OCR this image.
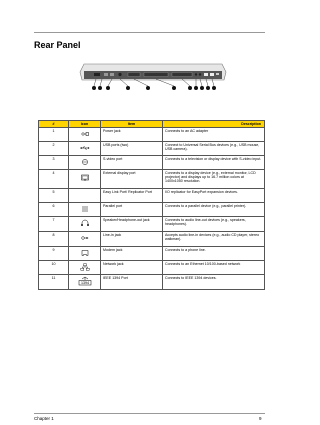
Rear Panel
#	Icon	Item	Description
1		Power jack	Connects to an AC adapter
2		USB ports (two)	Connect to Universal Serial Bus devices (e.g., USB mouse, USB camera).
3		S-video port	Connects to a television or display device with S-video input.
4		External display port	Connects to a display device (e.g., external monitor, LCD projector) and displays up to 16.7 million colors at 1400x1050 resolution.
5		Easy Link Port/ Replicator Port	I/O replicator for EasyPort expansion devices.
6		Parallel port	Connects to a parallel device (e.g., parallel printer).
7		Speaker/Headphone-out jack	Connects to audio line-out devices (e.g., speakers, headphones).
8		Line-in jack	Accepts audio line-in devices (e.g., audio CD player, stereo walkman).
9		Modem jack	Connects to a phone line.
10		Network jack	Connects to an Ethernet 10/100-based network
11	1394	IEEE 1394 Port	Connects to IEEE 1394 devices.
Chapter 1	9
